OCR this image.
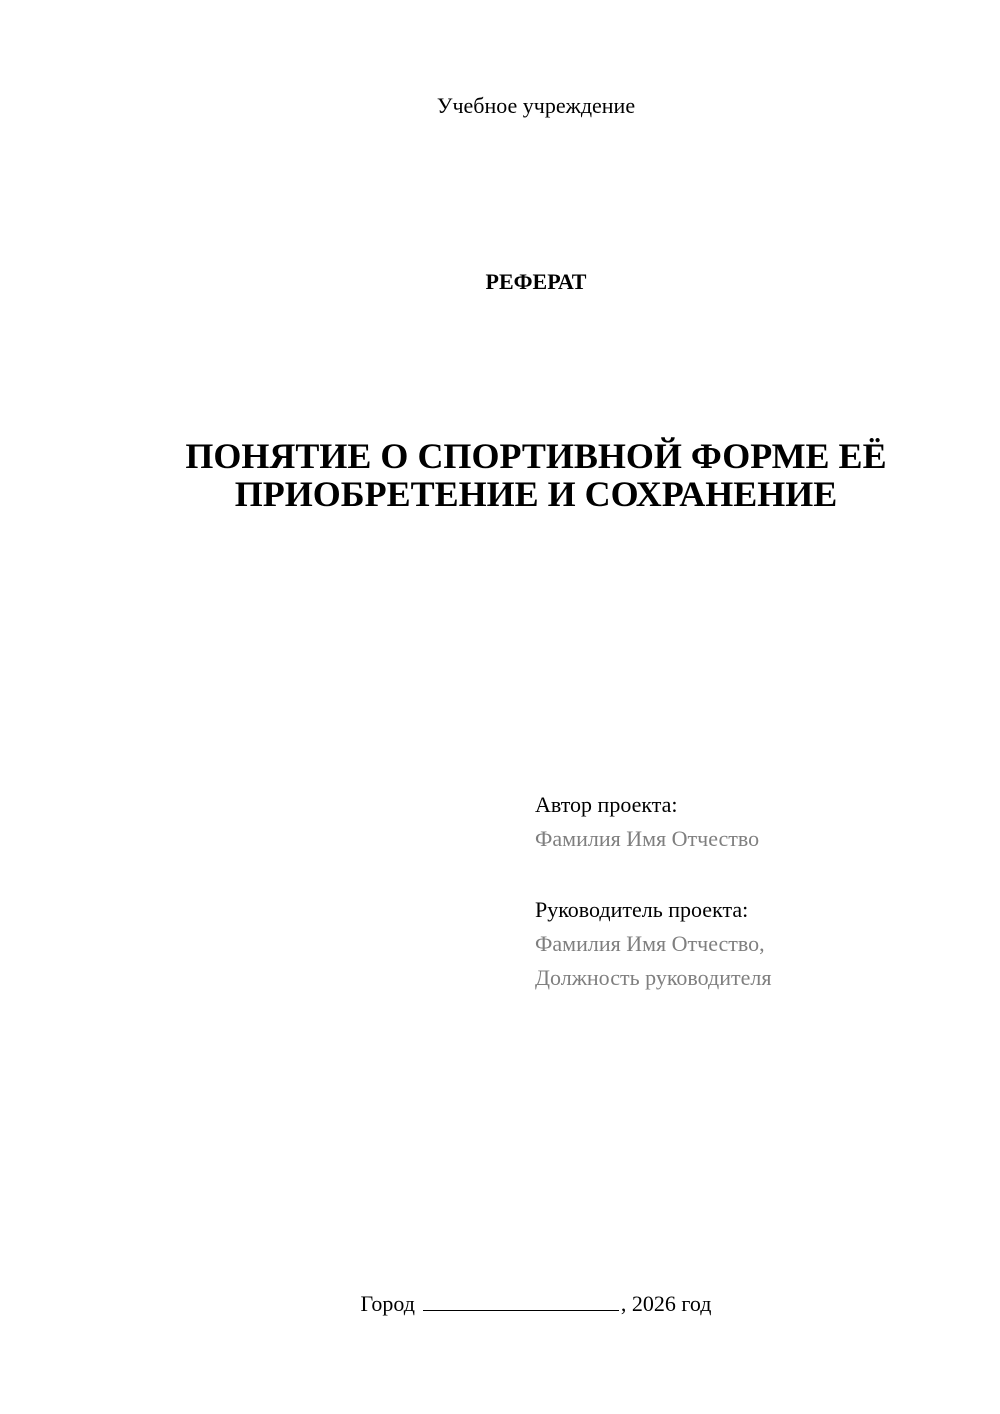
Учебное учреждение
РЕФЕРАТ
ПОНЯТИЕ О СПОРТИВНОЙ ФОРМЕ ЕЁ
ПРИОБРЕТЕНИЕ И СОХРАНЕНИЕ
Автор проекта:
Фамилия Имя Отчество
Руководитель проекта:
Фамилия Имя Отчество,
Должность руководителя
Город	, 2026 год
